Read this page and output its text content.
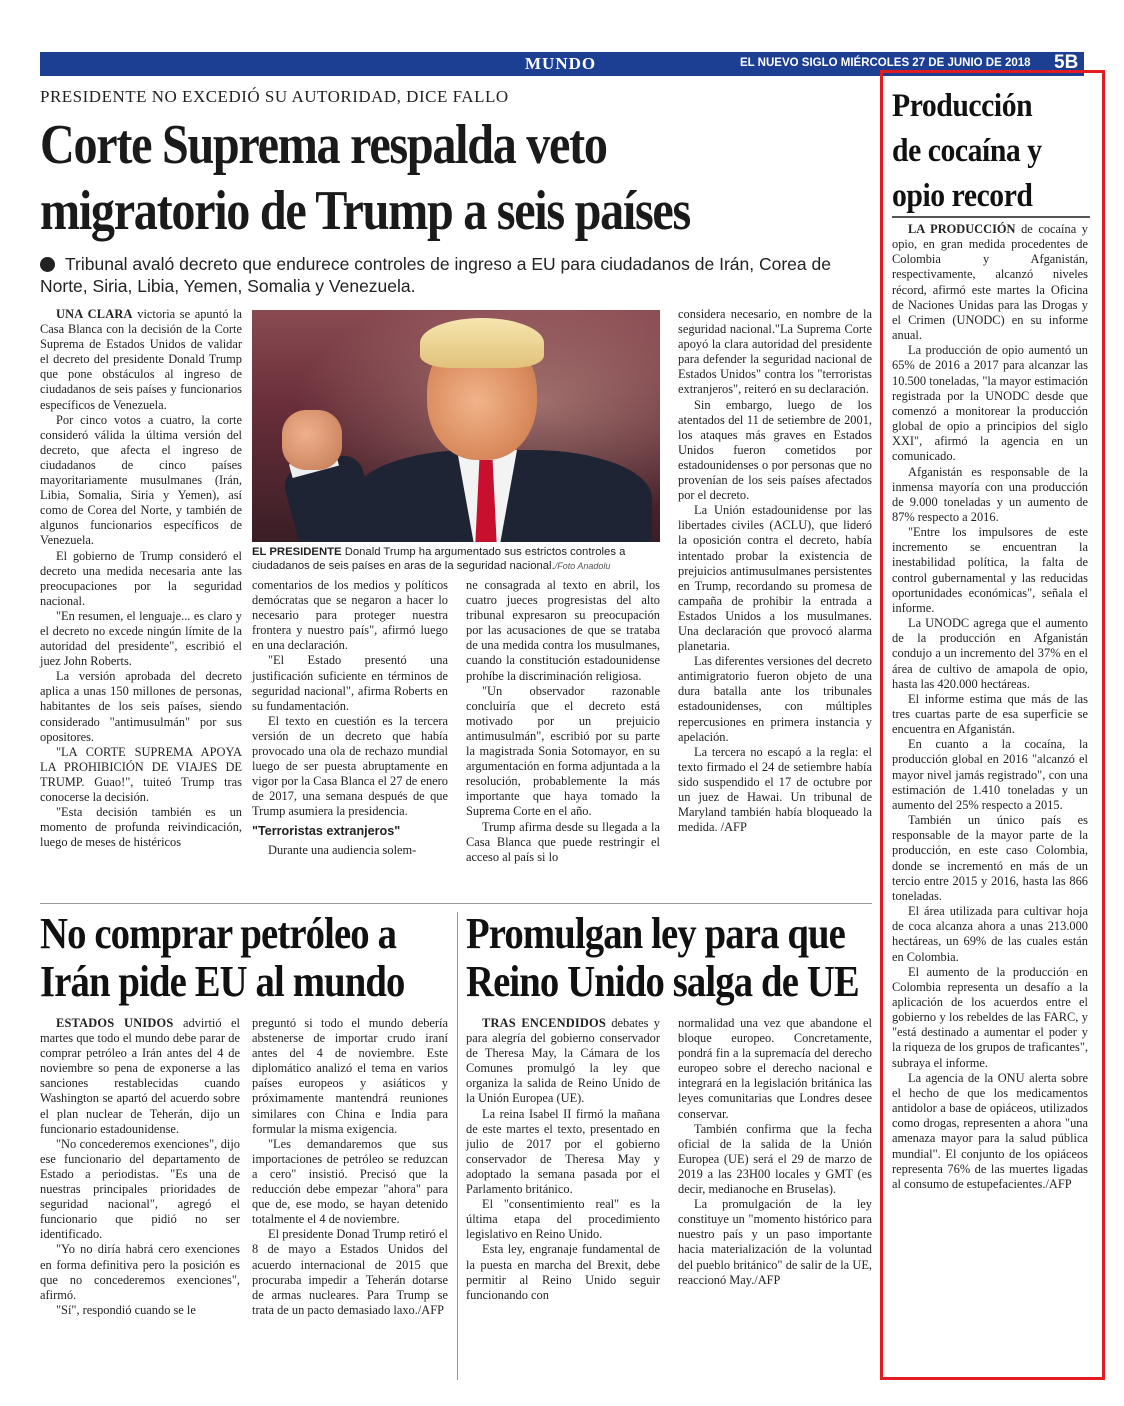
MUNDO	EL NUEVO SIGLO MIÉRCOLES 27 DE JUNIO DE 2018 5B
PRESIDENTE NO EXCEDIÓ SU AUTORIDAD, DICE FALLO
Corte Suprema respalda veto
migratorio de Trump a seis países
Tribunal avaló decreto que endurece controles de ingreso a EU para ciudadanos de Irán, Corea de Norte, Siria, Libia, Yemen, Somalia y Venezuela.

UNA CLARA victoria se apuntó la Casa Blanca con la decisión de la Corte Suprema de Estados Unidos de validar el decreto del presidente Donald Trump que pone obstáculos al ingreso de ciudadanos de seis países y funcionarios específicos de Venezuela.

Por cinco votos a cuatro, la corte consideró válida la última versión del decreto, que afecta el ingreso de ciudadanos de cinco países mayoritariamente musulmanes (Irán, Libia, Somalia, Siria y Yemen), así como de Corea del Norte, y también de algunos funcionarios específicos de Venezuela.

El gobierno de Trump consideró el decreto una medida necesaria ante las preocupaciones por la seguridad nacional.

"En resumen, el lenguaje... es claro y el decreto no excede ningún límite de la autoridad del presidente", escribió el juez John Roberts.

La versión aprobada del decreto aplica a unas 150 millones de personas, habitantes de los seis países, siendo considerado "antimusulmán" por sus opositores.

"LA CORTE SUPREMA APOYA LA PROHIBICIÓN DE VIAJES DE TRUMP. Guao!", tuiteó Trump tras conocerse la decisión.

"Esta decisión también es un momento de profunda reivindicación, luego de meses de histéricos

EL PRESIDENTE Donald Trump ha argumentado sus estrictos controles a ciudadanos de seis países en aras de la seguridad nacional./Foto Anadolu

comentarios de los medios y políticos demócratas que se negaron a hacer lo necesario para proteger nuestra frontera y nuestro país", afirmó luego en una declaración.

"El Estado presentó una justificación suficiente en términos de seguridad nacional", afirma Roberts en su fundamentación.

El texto en cuestión es la tercera versión de un decreto que había provocado una ola de rechazo mundial luego de ser puesta abruptamente en vigor por la Casa Blanca el 27 de enero de 2017, una semana después de que Trump asumiera la presidencia.

"Terroristas extranjeros"

Durante una audiencia solem-

ne consagrada al texto en abril, los cuatro jueces progresistas del alto tribunal expresaron su preocupación por las acusaciones de que se trataba de una medida contra los musulmanes, cuando la constitución estadounidense prohíbe la discriminación religiosa.

"Un observador razonable concluiría que el decreto está motivado por un prejuicio antimusulmán", escribió por su parte la magistrada Sonia Sotomayor, en su argumentación en forma adjuntada a la resolución, probablemente la más importante que haya tomado la Suprema Corte en el año.

Trump afirma desde su llegada a la Casa Blanca que puede restringir el acceso al país si lo

considera necesario, en nombre de la seguridad nacional."La Suprema Corte apoyó la clara autoridad del presidente para defender la seguridad nacional de Estados Unidos" contra los "terroristas extranjeros", reiteró en su declaración.

Sin embargo, luego de los atentados del 11 de setiembre de 2001, los ataques más graves en Estados Unidos fueron cometidos por estadounidenses o por personas que no provenían de los seis países afectados por el decreto.

La Unión estadounidense por las libertades civiles (ACLU), que lideró la oposición contra el decreto, había intentado probar la existencia de prejuicios antimusulmanes persistentes en Trump, recordando su promesa de campaña de prohibir la entrada a Estados Unidos a los musulmanes. Una declaración que provocó alarma planetaria.

Las diferentes versiones del decreto antimigratorio fueron objeto de una dura batalla ante los tribunales estadounidenses, con múltiples repercusiones en primera instancia y apelación.

La tercera no escapó a la regla: el texto firmado el 24 de setiembre había sido suspendido el 17 de octubre por un juez de Hawai. Un tribunal de Maryland también había bloqueado la medida. /AFP

No comprar petróleo a
Irán pide EU al mundo

ESTADOS UNIDOS advirtió el martes que todo el mundo debe parar de comprar petróleo a Irán antes del 4 de noviembre so pena de exponerse a las sanciones restablecidas cuando Washington se apartó del acuerdo sobre el plan nuclear de Teherán, dijo un funcionario estadounidense.

"No concederemos exenciones", dijo ese funcionario del departamento de Estado a periodistas. "Es una de nuestras principales prioridades de seguridad nacional", agregó el funcionario que pidió no ser identificado.

"Yo no diría habrá cero exenciones en forma definitiva pero la posición es que no concederemos exenciones", afirmó.

"Sí", respondió cuando se le

preguntó si todo el mundo debería abstenerse de importar crudo iraní antes del 4 de noviembre. Este diplomático analizó el tema en varios países europeos y asiáticos y próximamente mantendrá reuniones similares con China e India para formular la misma exigencia.

"Les demandaremos que sus importaciones de petróleo se reduzcan a cero" insistió. Precisó que la reducción debe empezar "ahora" para que de, ese modo, se hayan detenido totalmente el 4 de noviembre.

El presidente Donad Trump retiró el 8 de mayo a Estados Unidos del acuerdo internacional de 2015 que procuraba impedir a Teherán dotarse de armas nucleares. Para Trump se trata de un pacto demasiado laxo./AFP

Promulgan ley para que
Reino Unido salga de UE

TRAS ENCENDIDOS debates y para alegría del gobierno conservador de Theresa May, la Cámara de los Comunes promulgó la ley que organiza la salida de Reino Unido de la Unión Europea (UE).

La reina Isabel II firmó la mañana de este martes el texto, presentado en julio de 2017 por el gobierno conservador de Theresa May y adoptado la semana pasada por el Parlamento británico.

El "consentimiento real" es la última etapa del procedimiento legislativo en Reino Unido.

Esta ley, engranaje fundamental de la puesta en marcha del Brexit, debe permitir al Reino Unido seguir funcionando con

normalidad una vez que abandone el bloque europeo. Concretamente, pondrá fin a la supremacía del derecho europeo sobre el derecho nacional e integrará en la legislación británica las leyes comunitarias que Londres desee conservar.

También confirma que la fecha oficial de la salida de la Unión Europea (UE) será el 29 de marzo de 2019 a las 23H00 locales y GMT (es decir, medianoche en Bruselas).

La promulgación de la ley constituye un "momento histórico para nuestro país y un paso importante hacia materialización de la voluntad del pueblo británico" de salir de la UE, reaccionó May./AFP

Producción
de cocaína y
opio record

LA PRODUCCIÓN de cocaína y opio, en gran medida procedentes de Colombia y Afganistán, respectivamente, alcanzó niveles récord, afirmó este martes la Oficina de Naciones Unidas para las Drogas y el Crimen (UNODC) en su informe anual.

La producción de opio aumentó un 65% de 2016 a 2017 para alcanzar las 10.500 toneladas, "la mayor estimación registrada por la UNODC desde que comenzó a monitorear la producción global de opio a principios del siglo XXI", afirmó la agencia en un comunicado.

Afganistán es responsable de la inmensa mayoría con una producción de 9.000 toneladas y un aumento de 87% respecto a 2016.

"Entre los impulsores de este incremento se encuentran la inestabilidad política, la falta de control gubernamental y las reducidas oportunidades económicas", señala el informe.

La UNODC agrega que el aumento de la producción en Afganistán condujo a un incremento del 37% en el área de cultivo de amapola de opio, hasta las 420.000 hectáreas.

El informe estima que más de las tres cuartas parte de esa superficie se encuentra en Afganistán.

En cuanto a la cocaína, la producción global en 2016 "alcanzó el mayor nivel jamás registrado", con una estimación de 1.410 toneladas y un aumento del 25% respecto a 2015.

También un único país es responsable de la mayor parte de la producción, en este caso Colombia, donde se incrementó en más de un tercio entre 2015 y 2016, hasta las 866 toneladas.

El área utilizada para cultivar hoja de coca alcanza ahora a unas 213.000 hectáreas, un 69% de las cuales están en Colombia.

El aumento de la producción en Colombia representa un desafío a la aplicación de los acuerdos entre el gobierno y los rebeldes de las FARC, y "está destinado a aumentar el poder y la riqueza de los grupos de traficantes", subraya el informe.

La agencia de la ONU alerta sobre el hecho de que los medicamentos antidolor a base de opiáceos, utilizados como drogas, representen a ahora "una amenaza mayor para la salud pública mundial". El conjunto de los opiáceos representa 76% de las muertes ligadas al consumo de estupefacientes./AFP
